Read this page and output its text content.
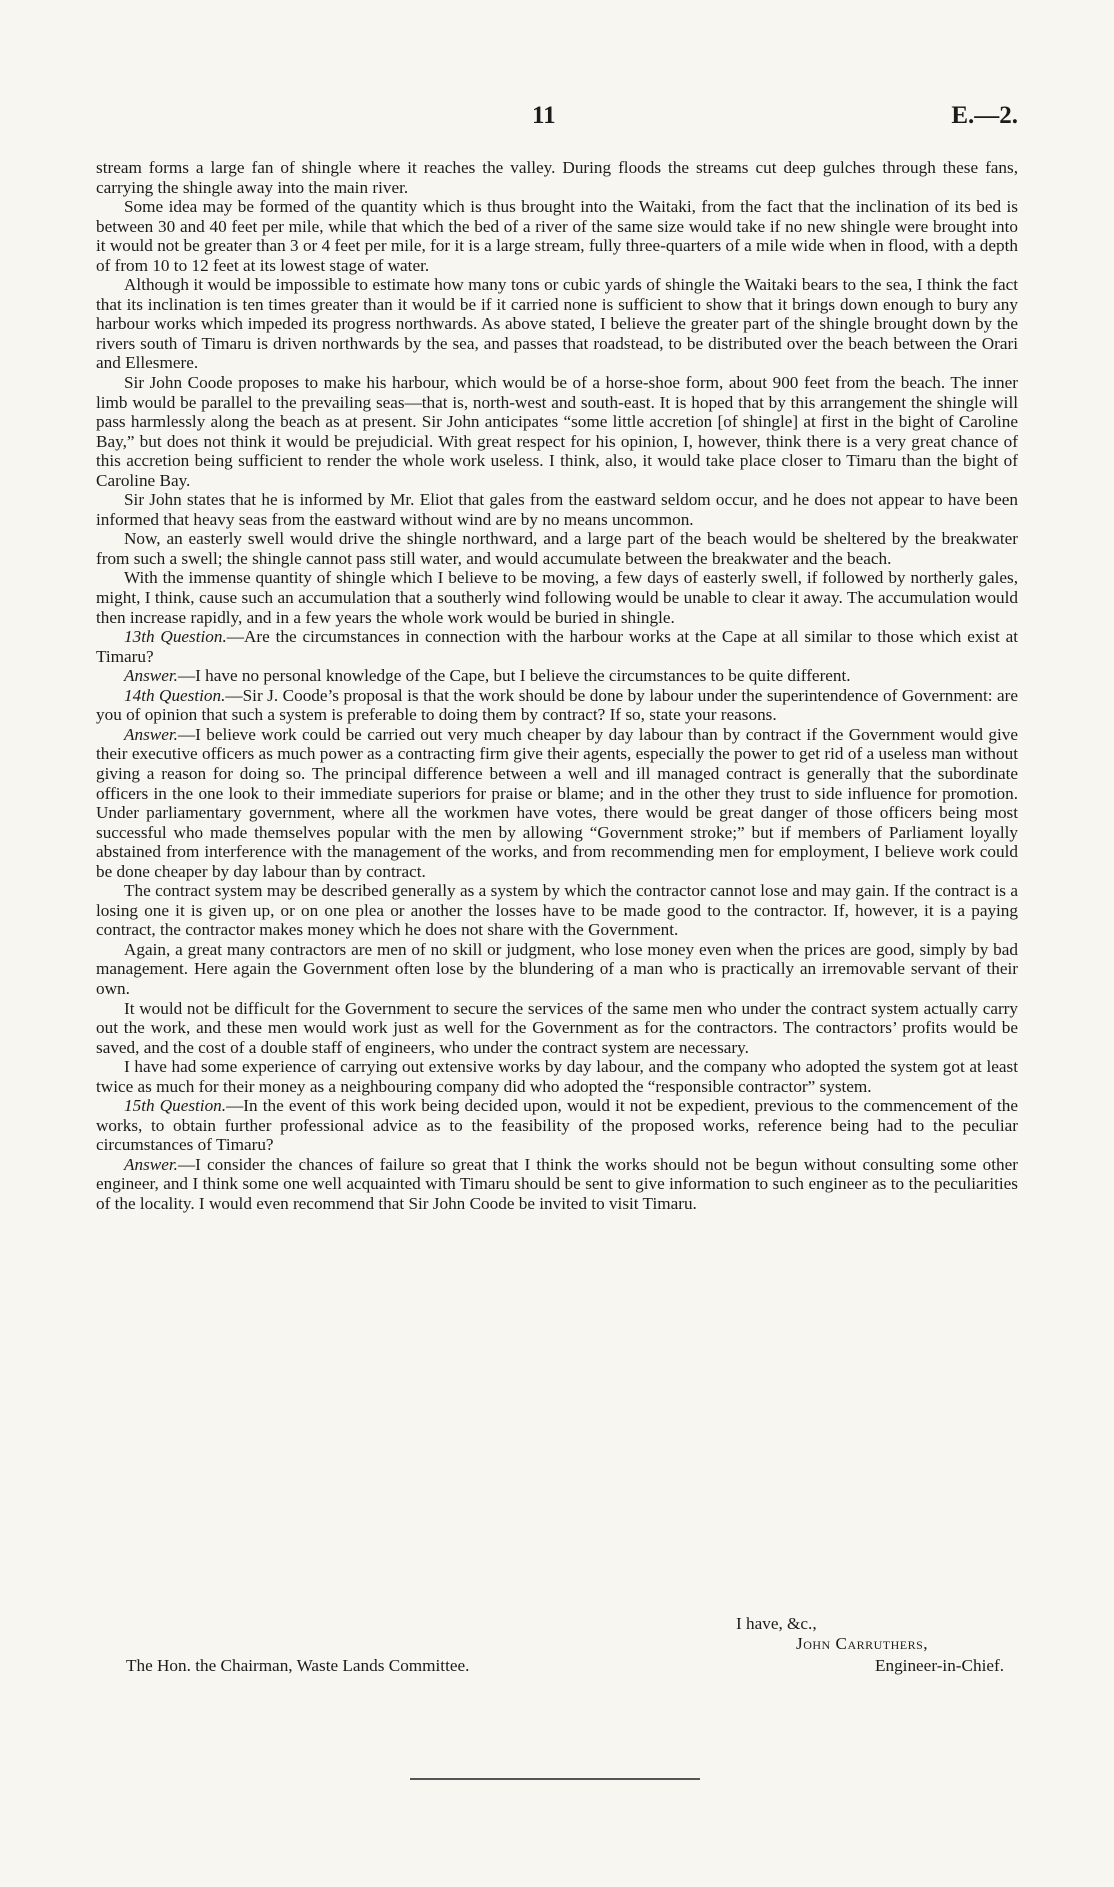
11	E.—2.

stream forms a large fan of shingle where it reaches the valley. During floods the streams cut deep gulches through these fans, carrying the shingle away into the main river.

Some idea may be formed of the quantity which is thus brought into the Waitaki, from the fact that the inclination of its bed is between 30 and 40 feet per mile, while that which the bed of a river of the same size would take if no new shingle were brought into it would not be greater than 3 or 4 feet per mile, for it is a large stream, fully three-quarters of a mile wide when in flood, with a depth of from 10 to 12 feet at its lowest stage of water.

Although it would be impossible to estimate how many tons or cubic yards of shingle the Waitaki bears to the sea, I think the fact that its inclination is ten times greater than it would be if it carried none is sufficient to show that it brings down enough to bury any harbour works which impeded its progress northwards. As above stated, I believe the greater part of the shingle brought down by the rivers south of Timaru is driven northwards by the sea, and passes that roadstead, to be distributed over the beach between the Orari and Ellesmere.

Sir John Coode proposes to make his harbour, which would be of a horse-shoe form, about 900 feet from the beach. The inner limb would be parallel to the prevailing seas—that is, north-west and south-east. It is hoped that by this arrangement the shingle will pass harmlessly along the beach as at present. Sir John anticipates “some little accretion [of shingle] at first in the bight of Caroline Bay,” but does not think it would be prejudicial. With great respect for his opinion, I, however, think there is a very great chance of this accretion being sufficient to render the whole work useless. I think, also, it would take place closer to Timaru than the bight of Caroline Bay.

Sir John states that he is informed by Mr. Eliot that gales from the eastward seldom occur, and he does not appear to have been informed that heavy seas from the eastward without wind are by no means uncommon.

Now, an easterly swell would drive the shingle northward, and a large part of the beach would be sheltered by the breakwater from such a swell; the shingle cannot pass still water, and would accumulate between the breakwater and the beach.

With the immense quantity of shingle which I believe to be moving, a few days of easterly swell, if followed by northerly gales, might, I think, cause such an accumulation that a southerly wind following would be unable to clear it away. The accumulation would then increase rapidly, and in a few years the whole work would be buried in shingle.

13th Question.—Are the circumstances in connection with the harbour works at the Cape at all similar to those which exist at Timaru?

Answer.—I have no personal knowledge of the Cape, but I believe the circumstances to be quite different.

14th Question.—Sir J. Coode’s proposal is that the work should be done by labour under the superintendence of Government: are you of opinion that such a system is preferable to doing them by contract? If so, state your reasons.

Answer.—I believe work could be carried out very much cheaper by day labour than by contract if the Government would give their executive officers as much power as a contracting firm give their agents, especially the power to get rid of a useless man without giving a reason for doing so. The principal difference between a well and ill managed contract is generally that the subordinate officers in the one look to their immediate superiors for praise or blame; and in the other they trust to side influence for promotion. Under parliamentary government, where all the workmen have votes, there would be great danger of those officers being most successful who made themselves popular with the men by allowing “Government stroke;” but if members of Parliament loyally abstained from interference with the management of the works, and from recommending men for employment, I believe work could be done cheaper by day labour than by contract.

The contract system may be described generally as a system by which the contractor cannot lose and may gain. If the contract is a losing one it is given up, or on one plea or another the losses have to be made good to the contractor. If, however, it is a paying contract, the contractor makes money which he does not share with the Government.

Again, a great many contractors are men of no skill or judgment, who lose money even when the prices are good, simply by bad management. Here again the Government often lose by the blundering of a man who is practically an irremovable servant of their own.

It would not be difficult for the Government to secure the services of the same men who under the contract system actually carry out the work, and these men would work just as well for the Government as for the contractors. The contractors’ profits would be saved, and the cost of a double staff of engineers, who under the contract system are necessary.

I have had some experience of carrying out extensive works by day labour, and the company who adopted the system got at least twice as much for their money as a neighbouring company did who adopted the “responsible contractor” system.

15th Question.—In the event of this work being decided upon, would it not be expedient, previous to the commencement of the works, to obtain further professional advice as to the feasibility of the proposed works, reference being had to the peculiar circumstances of Timaru?

Answer.—I consider the chances of failure so great that I think the works should not be begun without consulting some other engineer, and I think some one well acquainted with Timaru should be sent to give information to such engineer as to the peculiarities of the locality. I would even recommend that Sir John Coode be invited to visit Timaru.

I have, &c.,
John Carruthers,
The Hon. the Chairman, Waste Lands Committee.	Engineer-in-Chief.
